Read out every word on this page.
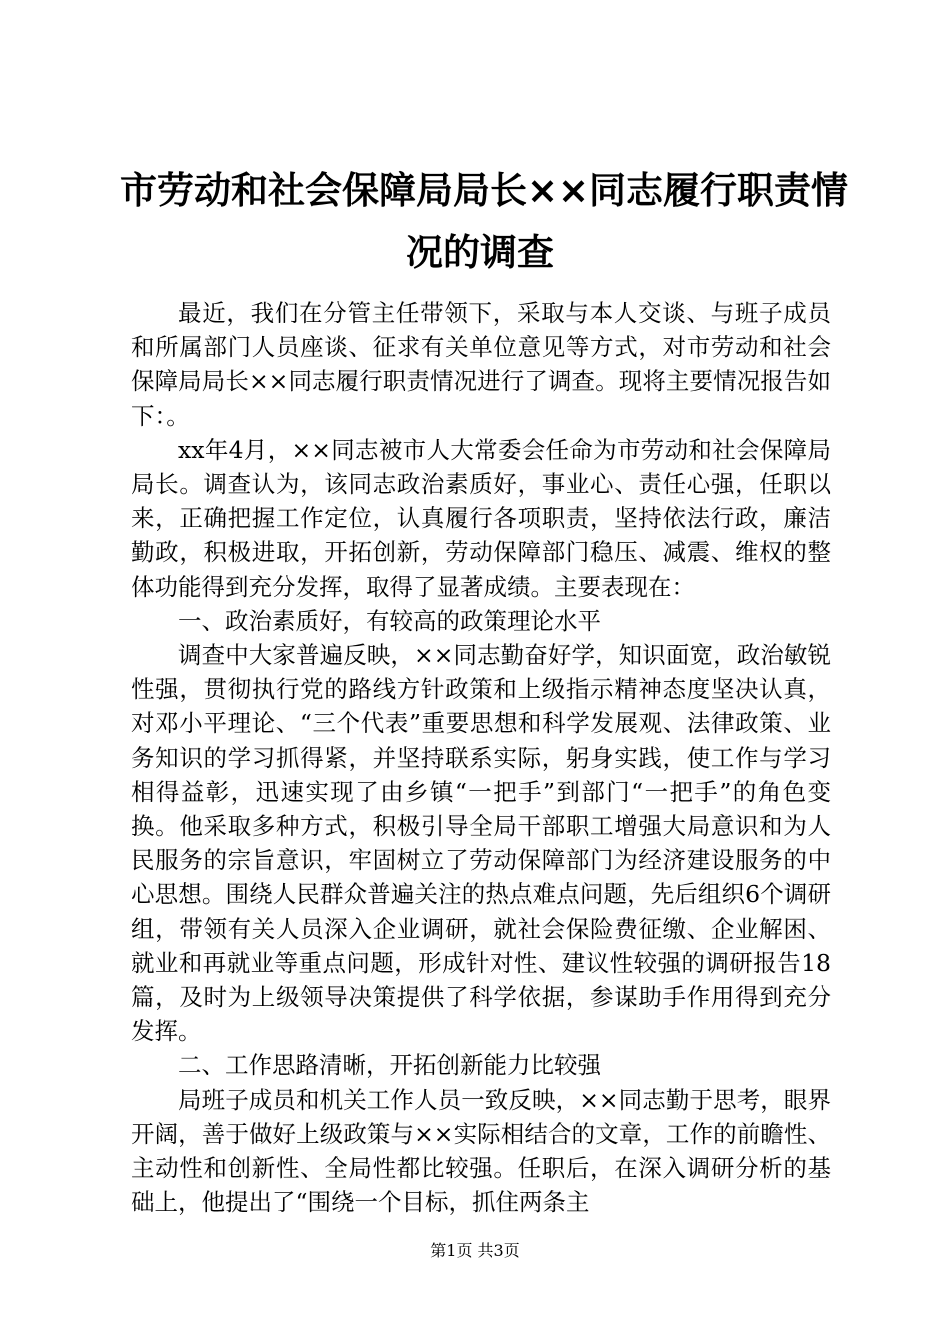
市劳动和社会保障局局长××同志履行职责情
况的调查

最近，我们在分管主任带领下，采取与本人交谈、与班子成员和所属部门人员座谈、征求有关单位意见等方式，对市劳动和社会保障局局长××同志履行职责情况进行了调查。现将主要情况报告如下：。

xx年4月，××同志被市人大常委会任命为市劳动和社会保障局局长。调查认为，该同志政治素质好，事业心、责任心强，任职以来，正确把握工作定位，认真履行各项职责，坚持依法行政，廉洁勤政，积极进取，开拓创新，劳动保障部门稳压、减震、维权的整体功能得到充分发挥，取得了显著成绩。主要表现在：

一、政治素质好，有较高的政策理论水平

调查中大家普遍反映，××同志勤奋好学，知识面宽，政治敏锐性强，贯彻执行党的路线方针政策和上级指示精神态度坚决认真，对邓小平理论、“三个代表”重要思想和科学发展观、法律政策、业务知识的学习抓得紧，并坚持联系实际，躬身实践，使工作与学习相得益彰，迅速实现了由乡镇“一把手”到部门“一把手”的角色变换。他采取多种方式，积极引导全局干部职工增强大局意识和为人民服务的宗旨意识，牢固树立了劳动保障部门为经济建设服务的中心思想。围绕人民群众普遍关注的热点难点问题，先后组织6个调研组，带领有关人员深入企业调研，就社会保险费征缴、企业解困、就业和再就业等重点问题，形成针对性、建议性较强的调研报告18篇，及时为上级领导决策提供了科学依据，参谋助手作用得到充分发挥。

二、工作思路清晰，开拓创新能力比较强

局班子成员和机关工作人员一致反映，××同志勤于思考，眼界开阔，善于做好上级政策与××实际相结合的文章，工作的前瞻性、主动性和创新性、全局性都比较强。任职后，在深入调研分析的基础上，他提出了“围绕一个目标，抓住两条主

第1页 共3页
